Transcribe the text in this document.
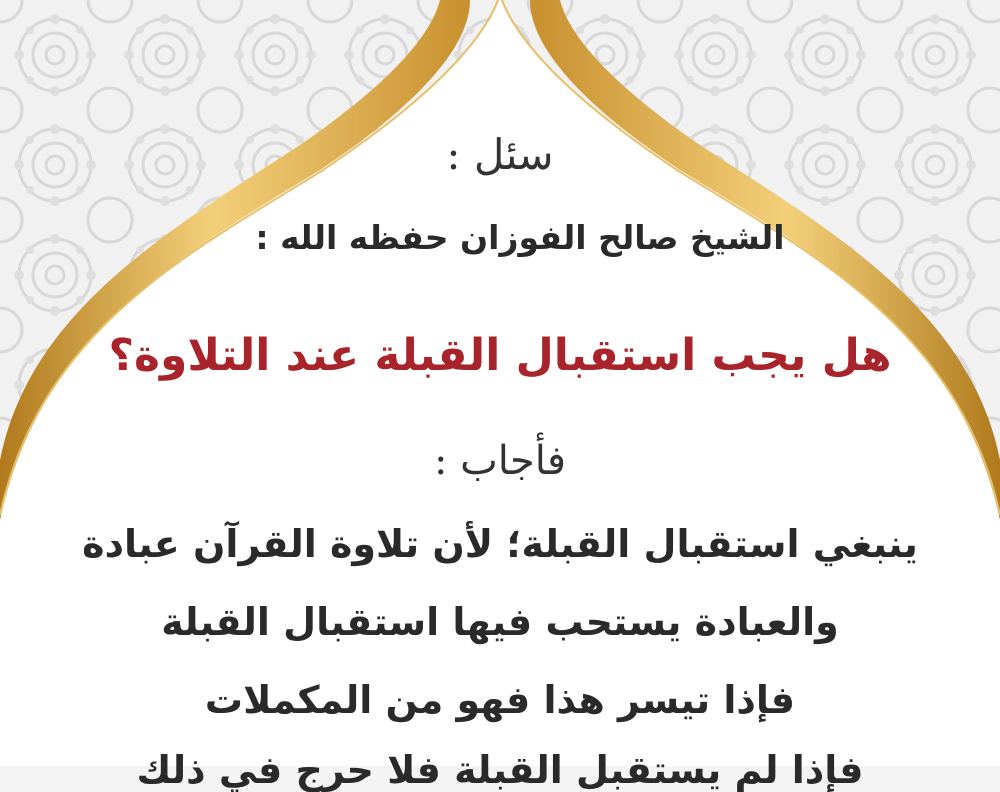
سئل :
الشيخ صالح الفوزان حفظه الله :
هل يجب استقبال القبلة عند التلاوة؟
فأجاب :
ينبغي استقبال القبلة؛ لأن تلاوة القرآن عبادة
والعبادة يستحب فيها استقبال القبلة
فإذا تيسر هذا فهو من المكملات
فإذا لم يستقبل القبلة فلا حرج في ذلك
